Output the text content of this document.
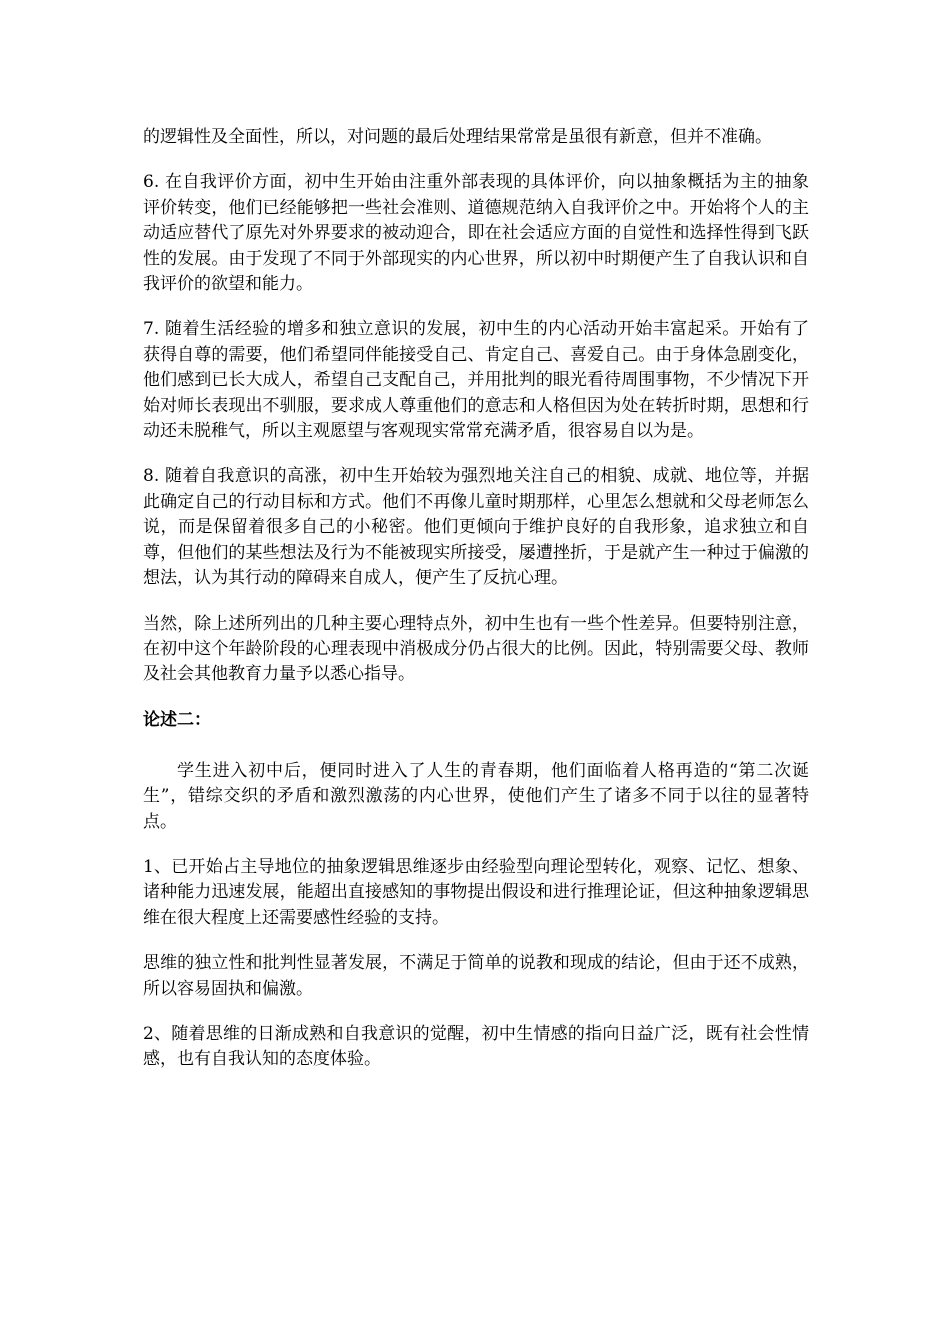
的逻辑性及全面性，所以，对问题的最后处理结果常常是虽很有新意，但并不准确。

6. 在自我评价方面，初中生开始由注重外部表现的具体评价，向以抽象概括为主的抽象评价转变，他们已经能够把一些社会准则、道德规范纳入自我评价之中。开始将个人的主动适应替代了原先对外界要求的被动迎合，即在社会适应方面的自觉性和选择性得到飞跃性的发展。由于发现了不同于外部现实的内心世界，所以初中时期便产生了自我认识和自我评价的欲望和能力。

7. 随着生活经验的增多和独立意识的发展，初中生的内心活动开始丰富起采。开始有了获得自尊的需要，他们希望同伴能接受自己、肯定自己、喜爱自己。由于身体急剧变化，他们感到已长大成人，希望自己支配自己，并用批判的眼光看待周围事物，不少情况下开始对师长表现出不驯服，要求成人尊重他们的意志和人格但因为处在转折时期，思想和行动还未脱稚气，所以主观愿望与客观现实常常充满矛盾，很容易自以为是。

8. 随着自我意识的高涨，初中生开始较为强烈地关注自己的相貌、成就、地位等，并据此确定自己的行动目标和方式。他们不再像儿童时期那样，心里怎么想就和父母老师怎么说，而是保留着很多自己的小秘密。他们更倾向于维护良好的自我形象，追求独立和自尊，但他们的某些想法及行为不能被现实所接受，屡遭挫折，于是就产生一种过于偏激的想法，认为其行动的障碍来自成人，便产生了反抗心理。

当然，除上述所列出的几种主要心理特点外，初中生也有一些个性差异。但要特别注意，在初中这个年龄阶段的心理表现中消极成分仍占很大的比例。因此，特别需要父母、教师及社会其他教育力量予以悉心指导。

论述二：

学生进入初中后，便同时进入了人生的青春期，他们面临着人格再造的“第二次诞生”，错综交织的矛盾和激烈激荡的内心世界，使他们产生了诸多不同于以往的显著特点。

1、已开始占主导地位的抽象逻辑思维逐步由经验型向理论型转化，观察、记忆、想象、诸种能力迅速发展，能超出直接感知的事物提出假设和进行推理论证，但这种抽象逻辑思维在很大程度上还需要感性经验的支持。

思维的独立性和批判性显著发展，不满足于简单的说教和现成的结论，但由于还不成熟，所以容易固执和偏激。

2、随着思维的日渐成熟和自我意识的觉醒，初中生情感的指向日益广泛，既有社会性情感，也有自我认知的态度体验。
